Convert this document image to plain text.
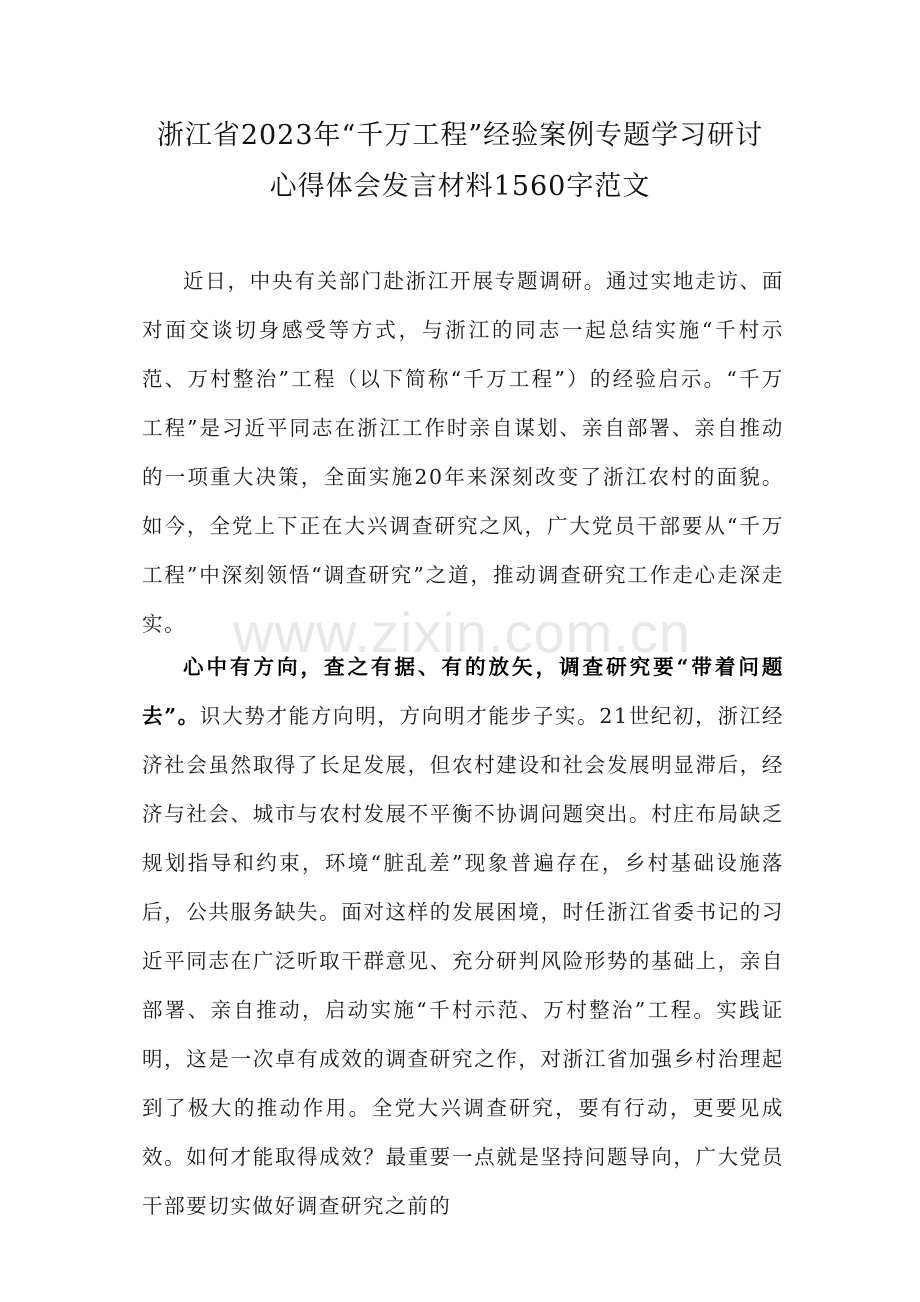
浙江省2023年“千万工程”经验案例专题学习研讨
心得体会发言材料1560字范文

近日，中央有关部门赴浙江开展专题调研。通过实地走访、面对面交谈切身感受等方式，与浙江的同志一起总结实施“千村示范、万村整治”工程（以下简称“千万工程”）的经验启示。“千万工程”是习近平同志在浙江工作时亲自谋划、亲自部署、亲自推动的一项重大决策，全面实施20年来深刻改变了浙江农村的面貌。如今，全党上下正在大兴调查研究之风，广大党员干部要从“千万工程”中深刻领悟“调查研究”之道，推动调查研究工作走心走深走实。 www.zixin.com.cn

心中有方向，查之有据、有的放矢，调查研究要“带着问题去”。识大势才能方向明，方向明才能步子实。21世纪初，浙江经济社会虽然取得了长足发展，但农村建设和社会发展明显滞后，经济与社会、城市与农村发展不平衡不协调问题突出。村庄布局缺乏规划指导和约束，环境“脏乱差”现象普遍存在，乡村基础设施落后，公共服务缺失。面对这样的发展困境，时任浙江省委书记的习近平同志在广泛听取干群意见、充分研判风险形势的基础上，亲自部署、亲自推动，启动实施“千村示范、万村整治”工程。实践证明，这是一次卓有成效的调查研究之作，对浙江省加强乡村治理起到了极大的推动作用。全党大兴调查研究，要有行动，更要见成效。如何才能取得成效？最重要一点就是坚持问题导向，广大党员干部要切实做好调查研究之前的
